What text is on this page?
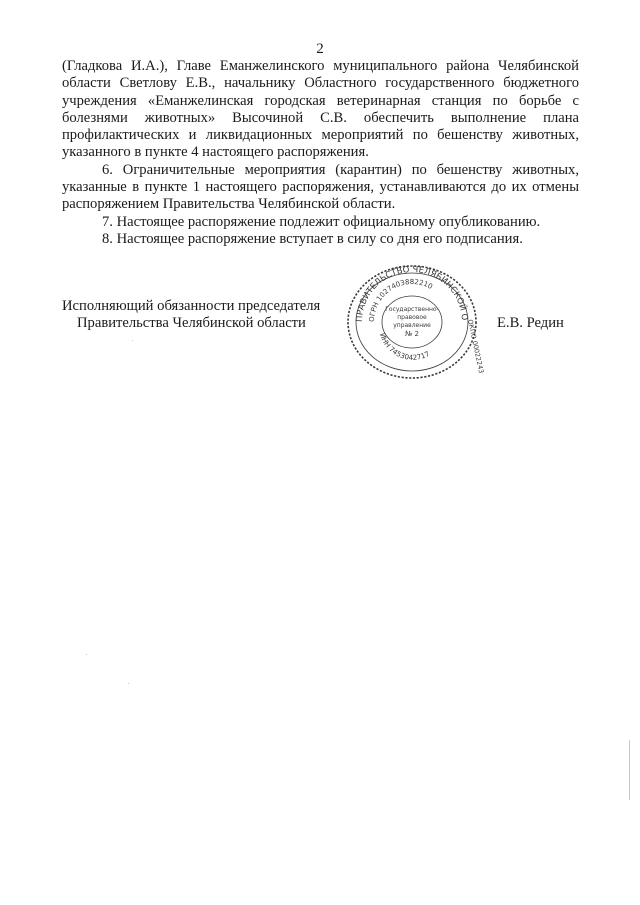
2

(Гладкова И.А.), Главе Еманжелинского муниципального района Челябинской области Светлову Е.В., начальнику Областного государственного бюджетного учреждения «Еманжелинская городская ветеринарная станция по борьбе с болезнями животных» Высочиной С.В. обеспечить выполнение плана профилактических и ликвидационных мероприятий по бешенству животных, указанного в пункте 4 настоящего распоряжения.

6. Ограничительные мероприятия (карантин) по бешенству животных, указанные в пункте 1 настоящего распоряжения, устанавливаются до их отмены распоряжением Правительства Челябинской области.

7. Настоящее распоряжение подлежит официальному опубликованию.

8. Настоящее распоряжение вступает в силу со дня его подписания.

Исполняющий обязанности председателя
Правительства Челябинской области	Е.В. Редин
ПРАВИТЕЛЬСТВО ЧЕЛЯБИНСКОЙ О
ОГРН 1027403882210
ИНН 7453042717	ОКПО 00022243
Государственно-
правовое
управление
№ 2
